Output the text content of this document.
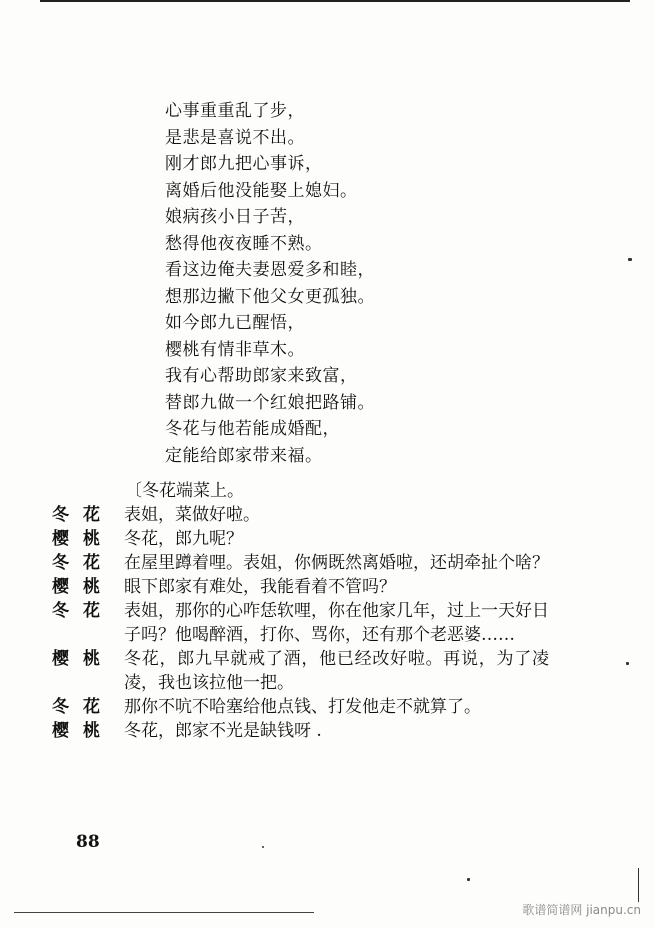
心事重重乱了步，
是悲是喜说不出。
刚才郎九把心事诉，
离婚后他没能娶上媳妇。
娘病孩小日子苦，
愁得他夜夜睡不熟。
看这边俺夫妻恩爱多和睦，
想那边撇下他父女更孤独。
如今郎九已醒悟，
樱桃有情非草木。
我有心帮助郎家来致富，
替郎九做一个红娘把路铺。
冬花与他若能成婚配，
定能给郎家带来福。
〔冬花端菜上。
冬花 表姐，菜做好啦。
樱桃 冬花，郎九呢？
冬花 在屋里蹲着哩。表姐，你俩既然离婚啦，还胡牵扯个啥？
樱桃 眼下郎家有难处，我能看着不管吗？
冬花 表姐，那你的心咋恁软哩，你在他家几年，过上一天好日子吗？他喝醉酒，打你、骂你，还有那个老恶婆……
樱桃 冬花，郎九早就戒了酒，他已经改好啦。再说，为了凌凌，我也该拉他一把。
冬花 那你不吭不哈塞给他点钱、打发他走不就算了。
樱桃 冬花，郎家不光是缺钱呀 .
88
歌谱简谱网 jianpu.cn
